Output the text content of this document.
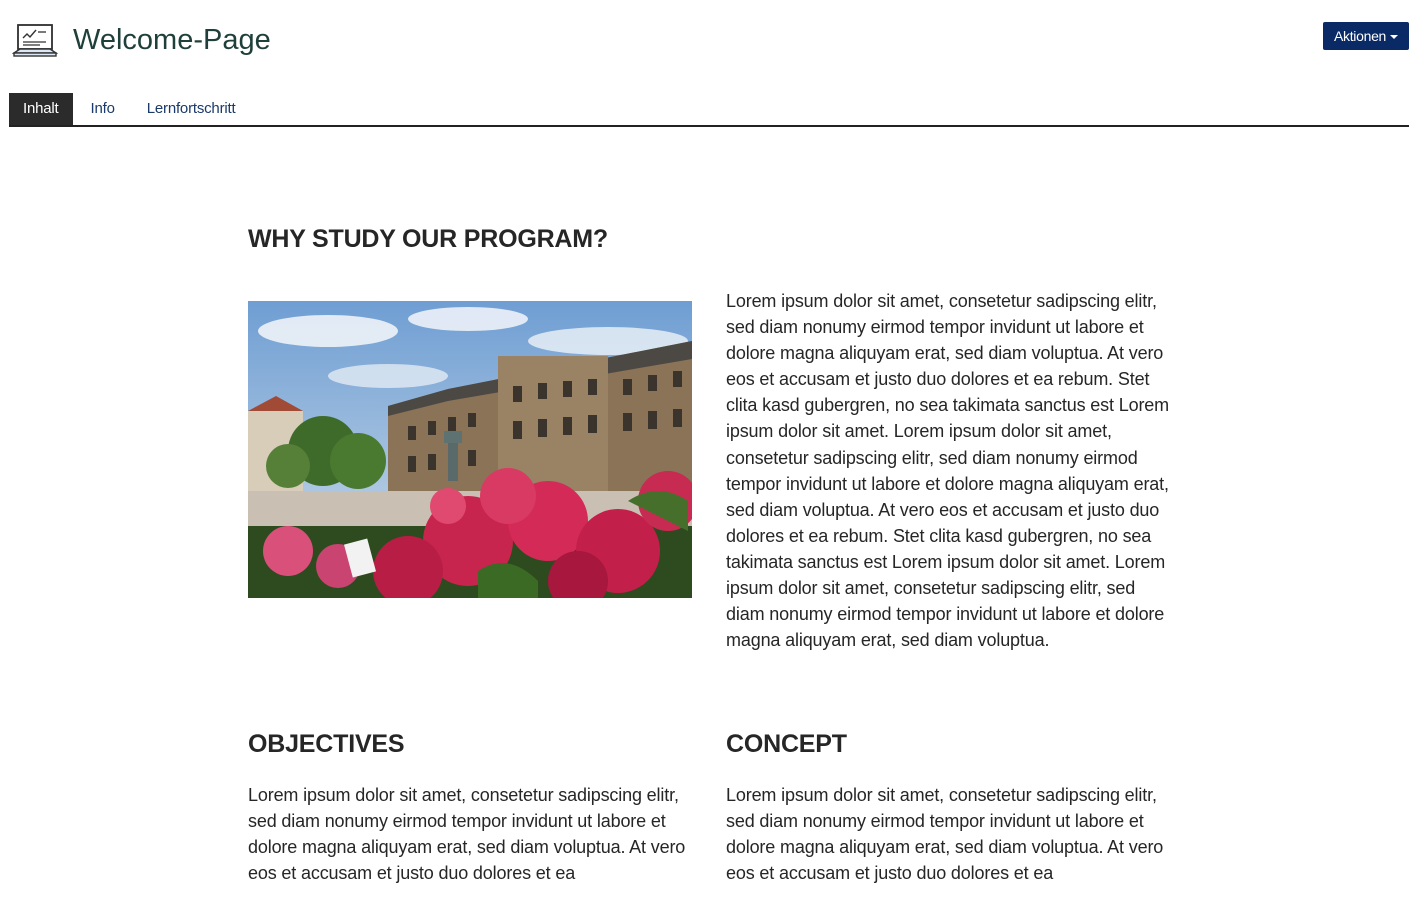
Welcome-Page	Aktionen
Inhalt	Info	Lernfortschritt
WHY STUDY OUR PROGRAM?

Lorem ipsum dolor sit amet, consetetur sadipscing elitr, sed diam nonumy eirmod tempor invidunt ut labore et dolore magna aliquyam erat, sed diam voluptua. At vero eos et accusam et justo duo dolores et ea rebum. Stet clita kasd gubergren, no sea takimata sanctus est Lorem ipsum dolor sit amet. Lorem ipsum dolor sit amet, consetetur sadipscing elitr, sed diam nonumy eirmod tempor invidunt ut labore et dolore magna aliquyam erat, sed diam voluptua. At vero eos et accusam et justo duo dolores et ea rebum. Stet clita kasd gubergren, no sea takimata sanctus est Lorem ipsum dolor sit amet. Lorem ipsum dolor sit amet, consetetur sadipscing elitr, sed diam nonumy eirmod tempor invidunt ut labore et dolore magna aliquyam erat, sed diam voluptua.

OBJECTIVES	CONCEPT

Lorem ipsum dolor sit amet, consetetur sadipscing elitr, sed diam nonumy eirmod tempor invidunt ut labore et dolore magna aliquyam erat, sed diam voluptua. At vero eos et accusam et justo duo dolores et ea

Lorem ipsum dolor sit amet, consetetur sadipscing elitr, sed diam nonumy eirmod tempor invidunt ut labore et dolore magna aliquyam erat, sed diam voluptua. At vero eos et accusam et justo duo dolores et ea
